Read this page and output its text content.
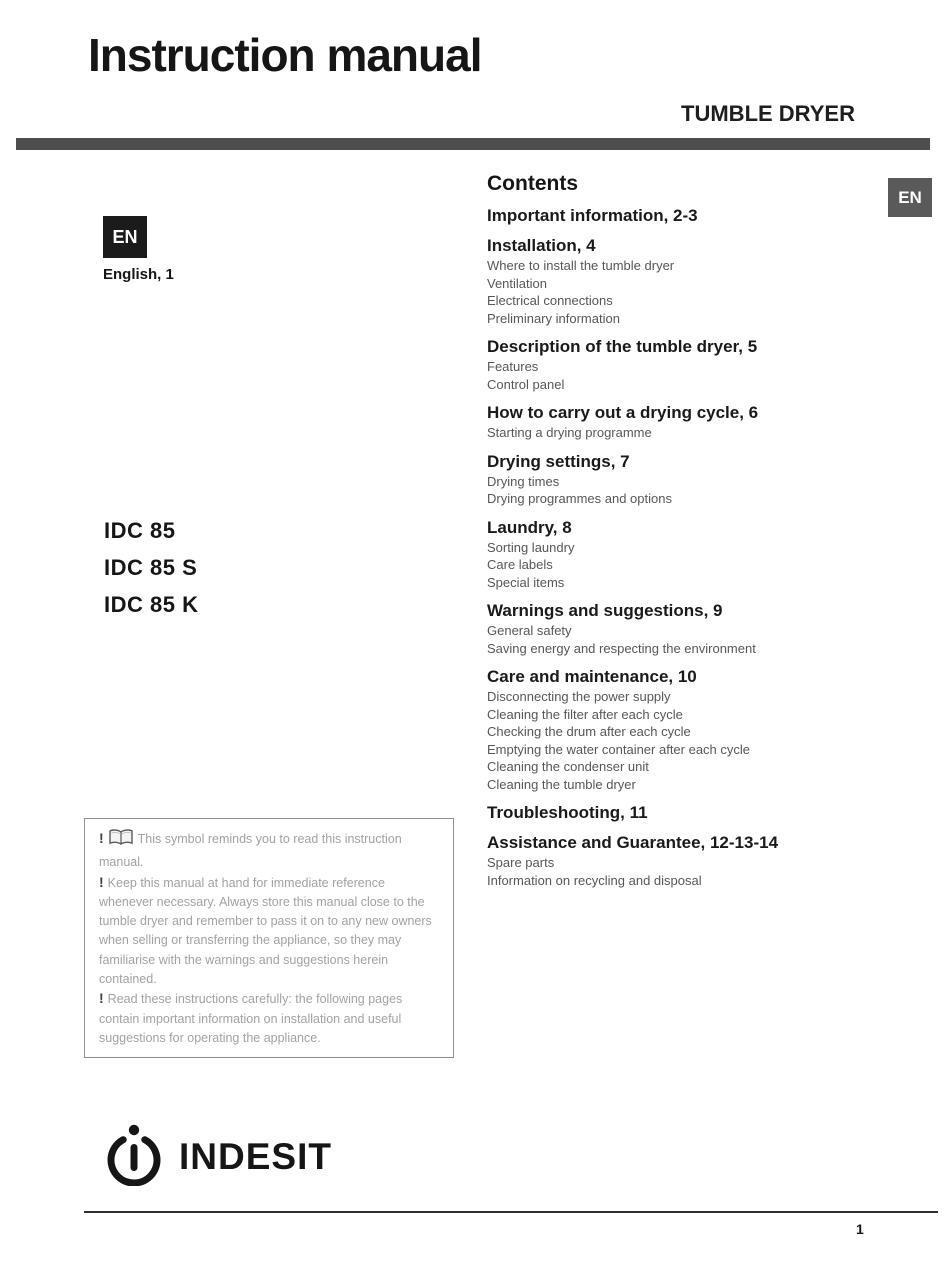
Instruction manual
TUMBLE DRYER
EN
EN
English, 1
IDC 85
IDC 85 S
IDC 85 K

!	This symbol reminds you to read this instruction manual.

! Keep this manual at hand for immediate reference whenever necessary. Always store this manual close to the tumble dryer and remember to pass it on to any new owners when selling or transferring the appliance, so they may familiarise with the warnings and suggestions herein contained.

! Read these instructions carefully: the following pages contain important information on installation and useful suggestions for operating the appliance.

Contents
Important information, 2-3
Installation, 4
Where to install the tumble dryer
Ventilation
Electrical connections
Preliminary information
Description of the tumble dryer, 5
Features
Control panel
How to carry out a drying cycle, 6
Starting a drying programme
Drying settings, 7
Drying times
Drying programmes and options
Laundry, 8
Sorting laundry
Care labels
Special items
Warnings and suggestions, 9
General safety
Saving energy and respecting the environment
Care and maintenance, 10
Disconnecting the power supply
Cleaning the filter after each cycle
Checking the drum after each cycle
Emptying the water container after each cycle
Cleaning the condenser unit
Cleaning the tumble dryer
Troubleshooting, 11
Assistance and Guarantee, 12-13-14
Spare parts
Information on recycling and disposal
INDESIT
1
